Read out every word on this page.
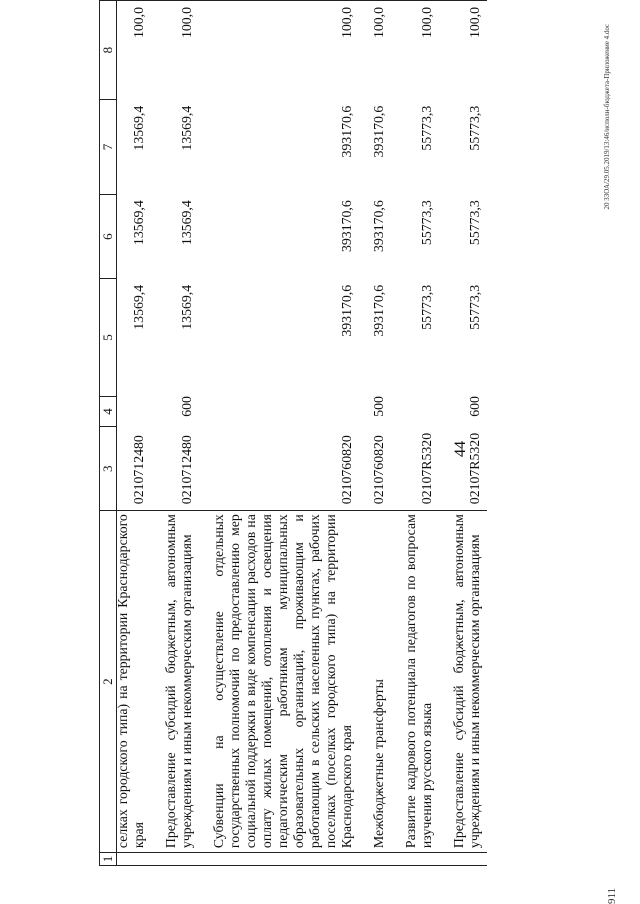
44
20 ЗЗОА/29.05.2019/13:46/исполн-бюджета-Приложение 4.doc
911
1	2	3	4	5	6	7	8

	селках городского типа) на территории Краснодарского края	0210712480		13569,4	13569,4	13569,4	100,0

	Предоставление субсидий бюджетным, автономным учреждениям и иным некоммерческим организациям	0210712480	600	13569,4	13569,4	13569,4	100,0

	Субвенции на осуществление отдельных государственных полномочий по предоставлению мер социальной поддержки в виде компенсации расходов на оплату жилых помещений, отопления и освещения педагогическим работникам муниципальных образовательных организаций, проживающим и работающим в сельских населенных пунктах, рабочих поселках (поселках городского типа) на территории Краснодарского края	0210760820		393170,6	393170,6	393170,6	100,0

	Межбюджетные трансферты	0210760820	500	393170,6	393170,6	393170,6	100,0

	Развитие кадрового потенциала педагогов по вопросам изучения русского языка	02107R5320		55773,3	55773,3	55773,3	100,0

	Предоставление субсидий бюджетным, автономным учреждениям и иным некоммерческим организациям	02107R5320	600	55773,3	55773,3	55773,3	100,0
